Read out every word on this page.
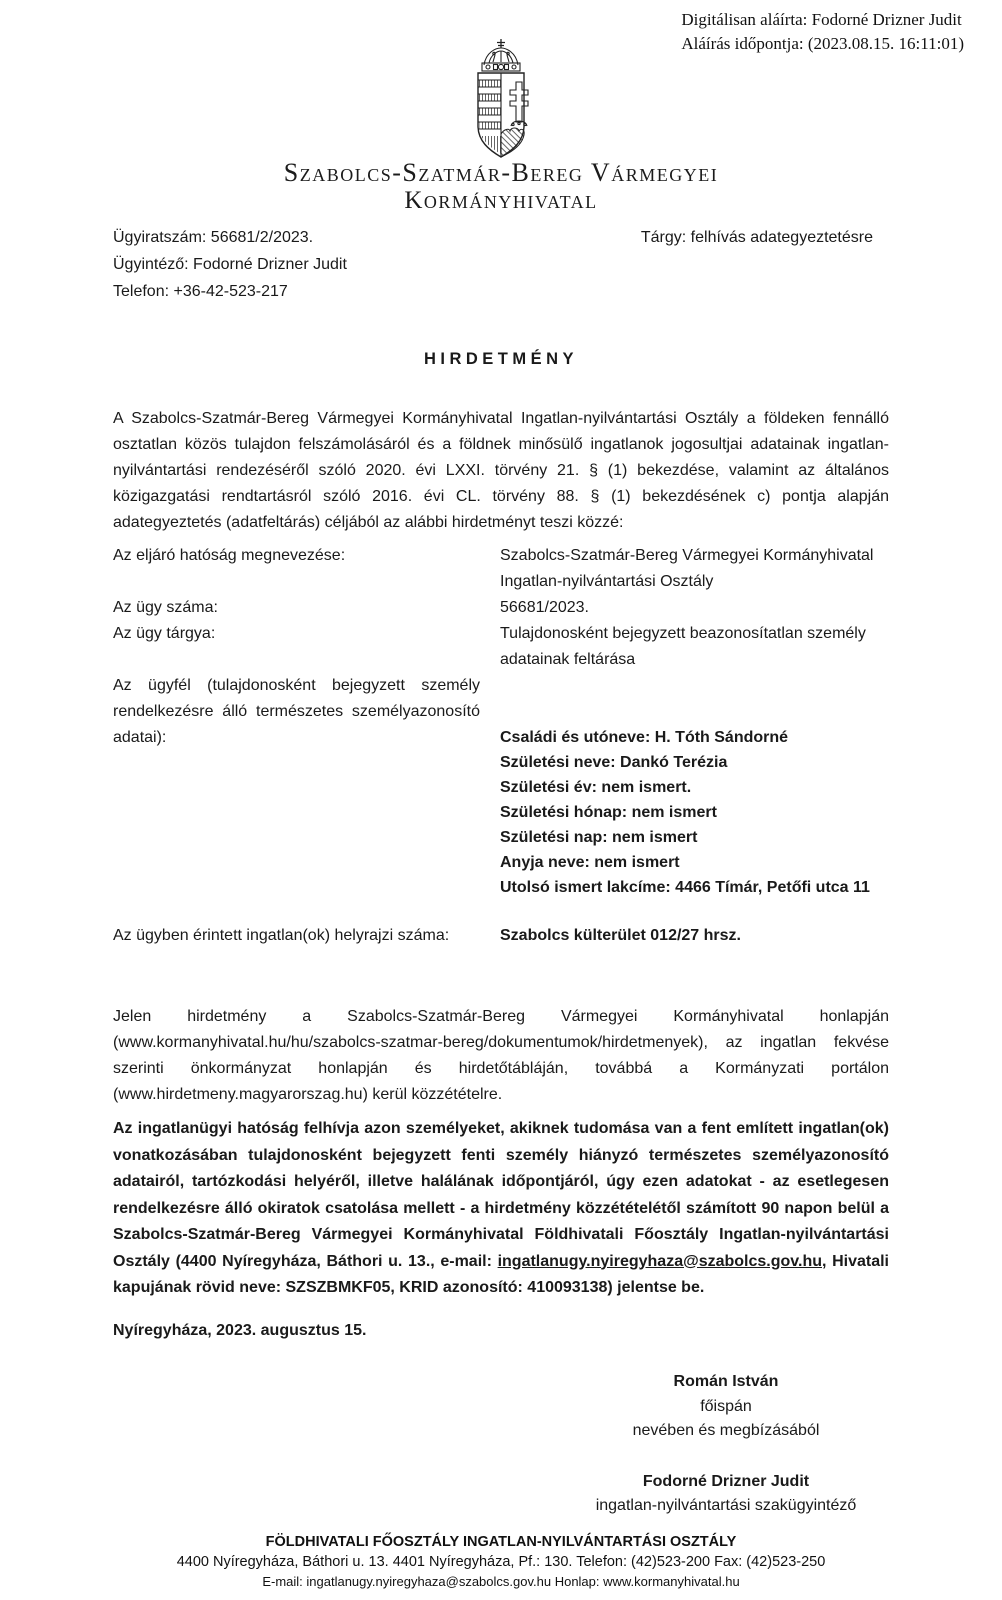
Digitálisan aláírta: Fodorné Drizner Judit
Aláírás időpontja: (2023.08.15. 16:11:01)
Szabolcs-Szatmár-Bereg Vármegyei
Kormányhivatal
Ügyiratszám: 56681/2/2023.
Ügyintéző: Fodorné Drizner Judit
Telefon: +36-42-523-217
Tárgy: felhívás adategyeztetésre
HIRDETMÉNY

A Szabolcs-Szatmár-Bereg Vármegyei Kormányhivatal Ingatlan-nyilvántartási Osztály a földeken fennálló osztatlan közös tulajdon felszámolásáról és a földnek minősülő ingatlanok jogosultjai adatainak ingatlan-nyilvántartási rendezéséről szóló 2020. évi LXXI. törvény 21. § (1) bekezdése, valamint az általános közigazgatási rendtartásról szóló 2016. évi CL. törvény 88. § (1) bekezdésének c) pontja alapján adategyeztetés (adatfeltárás) céljából az alábbi hirdetményt teszi közzé:

Az eljáró hatóság megnevezése:	Szabolcs-Szatmár-Bereg Vármegyei Kormányhivatal
Ingatlan-nyilvántartási Osztály
Az ügy száma:	56681/2023.
Az ügy tárgya:	Tulajdonosként bejegyzett beazonosítatlan személy adatainak feltárása
Az ügyfél (tulajdonosként bejegyzett személy rendelkezésre álló természetes személyazonosító adatai):	Családi és utóneve: H. Tóth Sándorné
Születési neve: Dankó Terézia
Születési év: nem ismert.
Születési hónap: nem ismert
Születési nap: nem ismert
Anyja neve: nem ismert
Utolsó ismert lakcíme: 4466 Tímár, Petőfi utca 11
Az ügyben érintett ingatlan(ok) helyrajzi száma:	Szabolcs külterület 012/27 hrsz.

Jelen hirdetmény a Szabolcs-Szatmár-Bereg Vármegyei Kormányhivatal honlapján (www.kormanyhivatal.hu/hu/szabolcs-szatmar-bereg/dokumentumok/hirdetmenyek), az ingatlan fekvése szerinti önkormányzat honlapján és hirdetőtábláján, továbbá a Kormányzati portálon (www.hirdetmeny.magyarorszag.hu) kerül közzétételre.

Az ingatlanügyi hatóság felhívja azon személyeket, akiknek tudomása van a fent említett ingatlan(ok) vonatkozásában tulajdonosként bejegyzett fenti személy hiányzó természetes személyazonosító adatairól, tartózkodási helyéről, illetve halálának időpontjáról, úgy ezen adatokat - az esetlegesen rendelkezésre álló okiratok csatolása mellett - a hirdetmény közzétételétől számított 90 napon belül a Szabolcs-Szatmár-Bereg Vármegyei Kormányhivatal Földhivatali Főosztály Ingatlan-nyilvántartási Osztály (4400 Nyíregyháza, Báthori u. 13., e-mail: ingatlanugy.nyiregyhaza@szabolcs.gov.hu, Hivatali kapujának rövid neve: SZSZBMKF05, KRID azonosító: 410093138) jelentse be.

Nyíregyháza, 2023. augusztus 15.
Román István
főispán
nevében és megbízásából
Fodorné Drizner Judit
ingatlan-nyilvántartási szakügyintéző
FÖLDHIVATALI FŐOSZTÁLY INGATLAN-NYILVÁNTARTÁSI OSZTÁLY
4400 Nyíregyháza, Báthori u. 13. 4401 Nyíregyháza, Pf.: 130. Telefon: (42)523-200 Fax: (42)523-250
E-mail: ingatlanugy.nyiregyhaza@szabolcs.gov.hu Honlap: www.kormanyhivatal.hu
